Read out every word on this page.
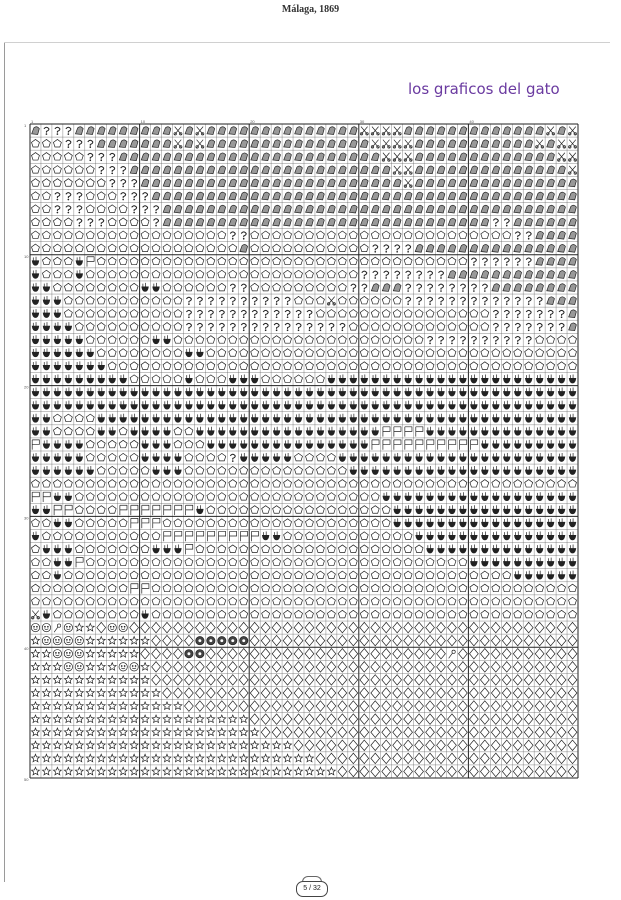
Málaga, 1869
los graficos del gato
1	10	20	30	40
1
10
20
30
40
50
5 / 32
